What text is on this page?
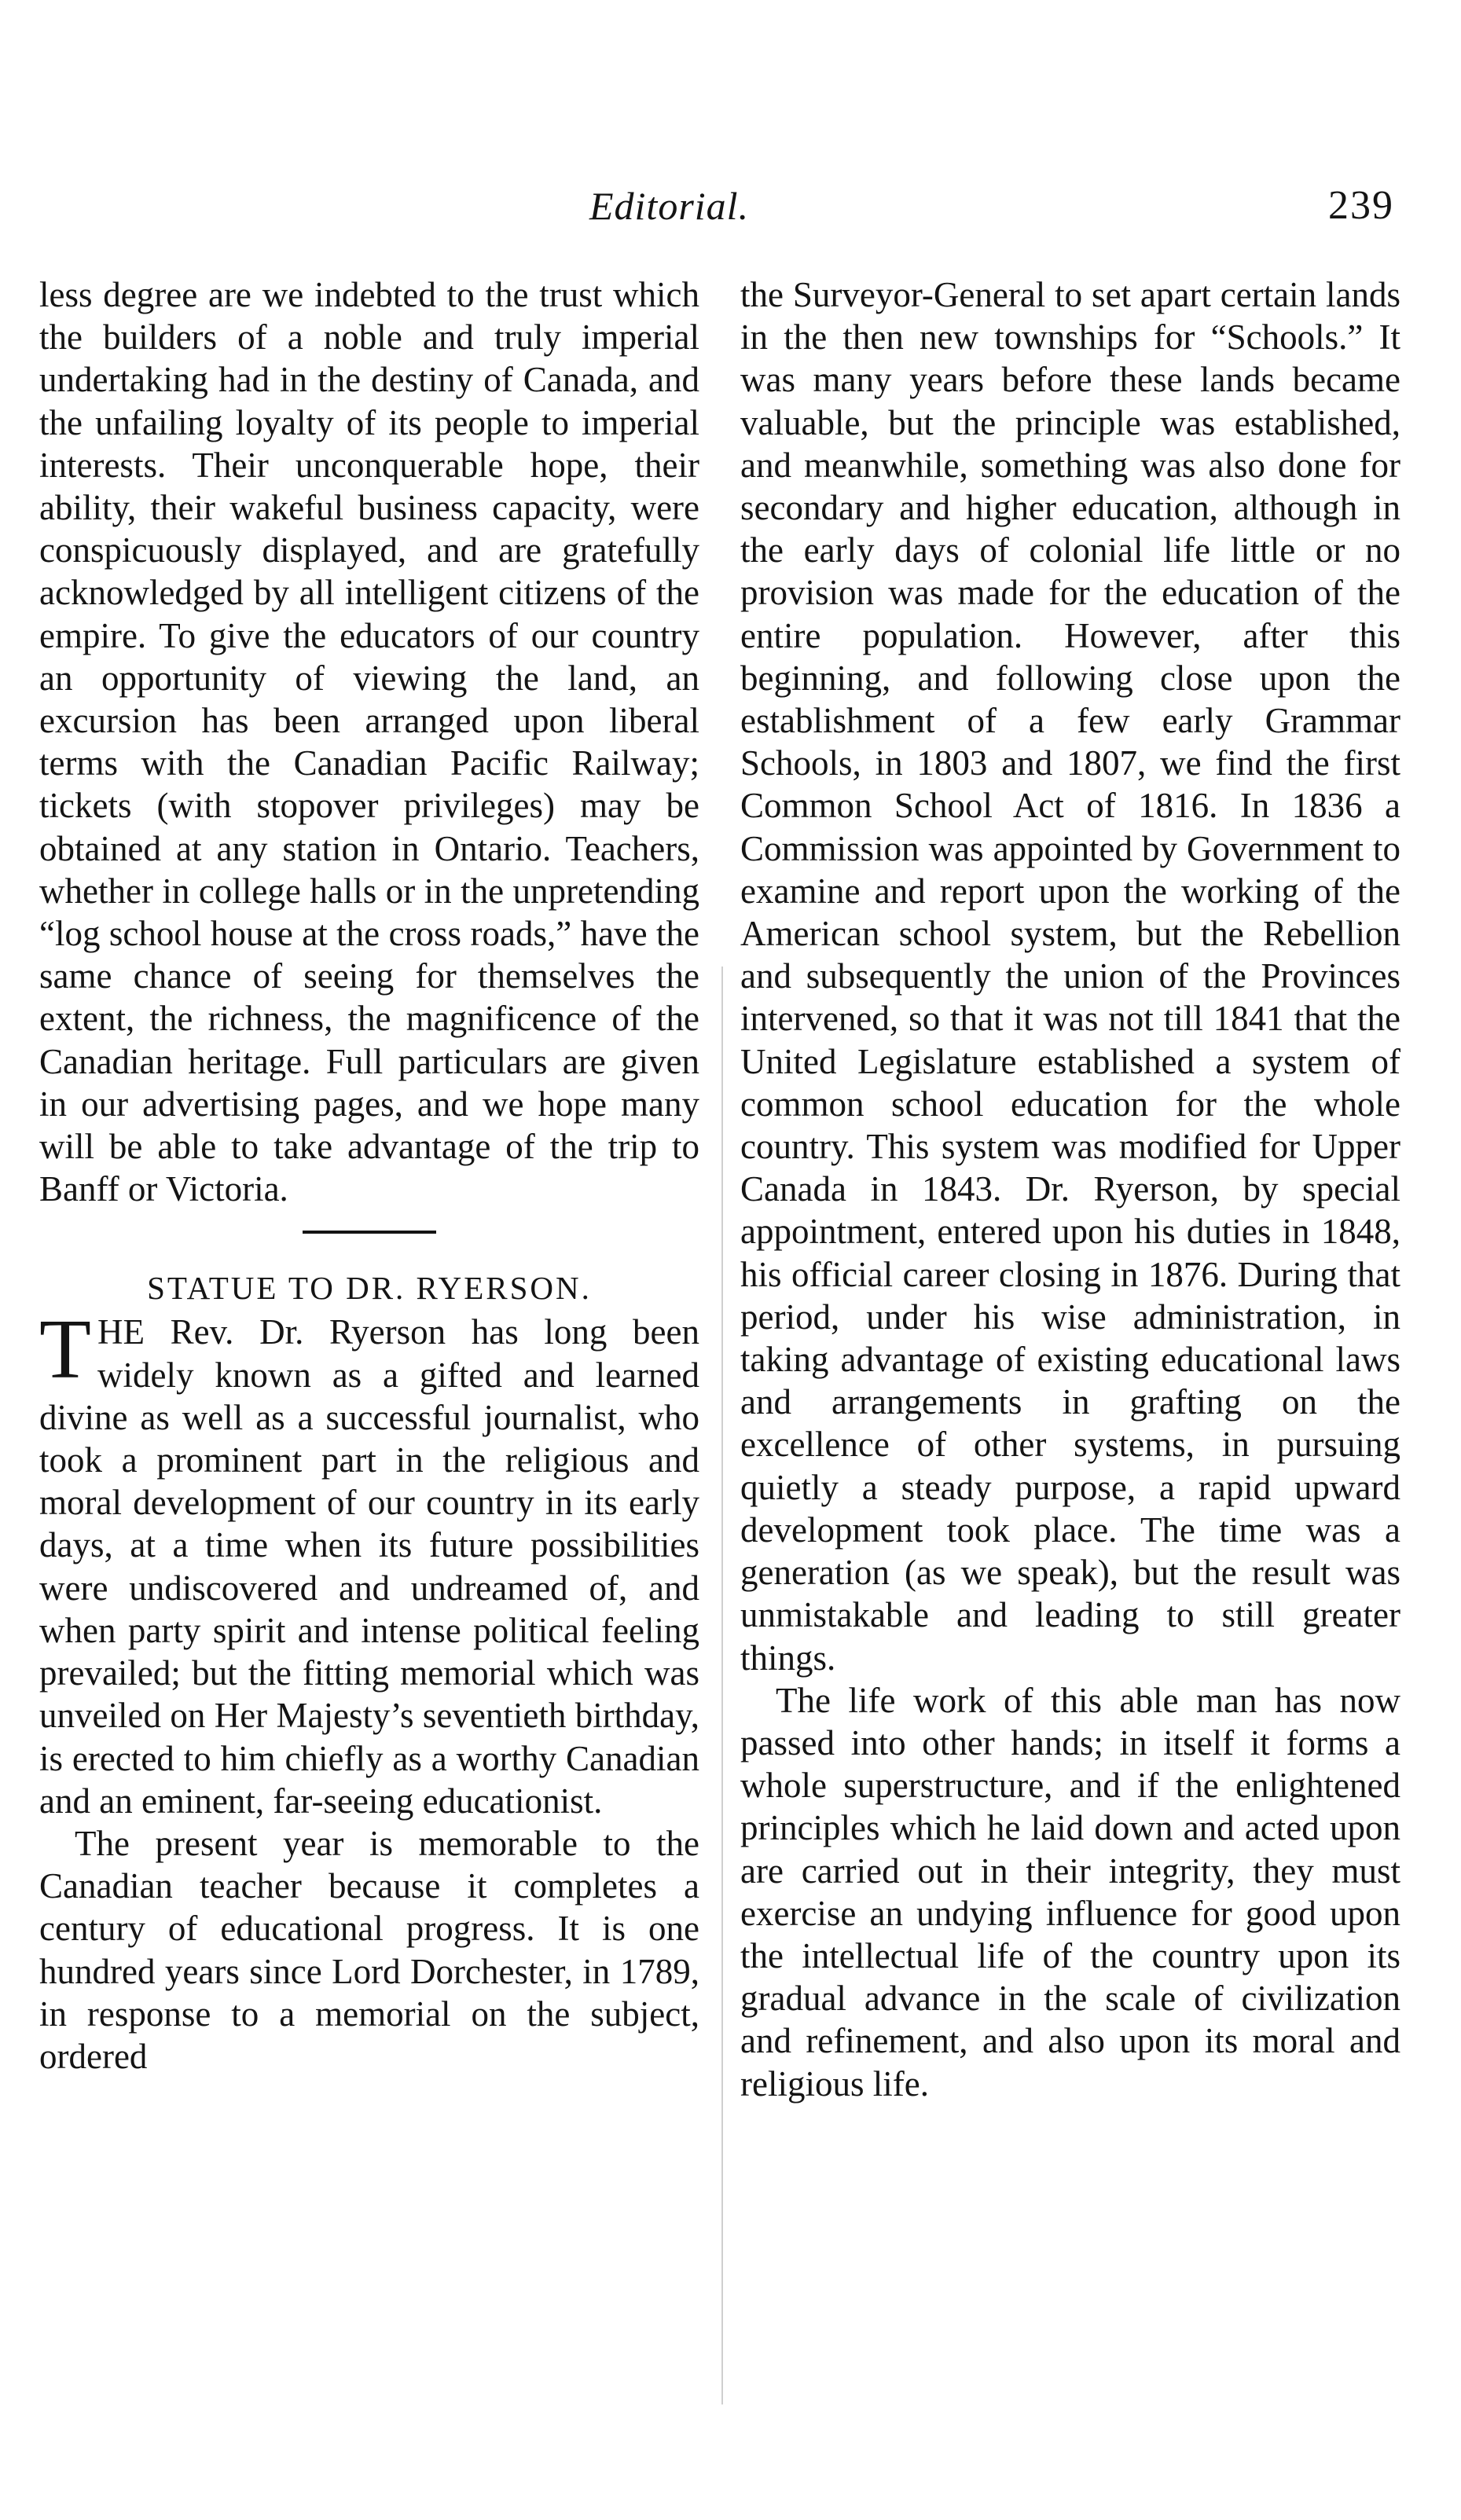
Editorial.	239

less degree are we indebted to the trust which the builders of a noble and truly imperial undertaking had in the destiny of Canada, and the unfailing loyalty of its people to imperial interests. Their unconquerable hope, their ability, their wakeful business capacity, were conspicuously displayed, and are gratefully acknowledged by all intelligent citizens of the empire. To give the educators of our country an opportunity of viewing the land, an excursion has been arranged upon liberal terms with the Canadian Pacific Railway; tickets (with stopover privileges) may be obtained at any station in Ontario. Teachers, whether in college halls or in the unpretending “log school house at the cross roads,” have the same chance of seeing for themselves the extent, the richness, the magnificence of the Canadian heritage. Full particulars are given in our advertising pages, and we hope many will be able to take advantage of the trip to Banff or Victoria.

STATUE TO DR. RYERSON.

THE Rev. Dr. Ryerson has long been widely known as a gifted and learned divine as well as a successful journalist, who took a prominent part in the religious and moral development of our country in its early days, at a time when its future possibilities were undiscovered and undreamed of, and when party spirit and intense political feeling prevailed; but the fitting memorial which was unveiled on Her Majesty’s seventieth birthday, is erected to him chiefly as a worthy Canadian and an eminent, far-seeing educationist.

The present year is memorable to the Canadian teacher because it completes a century of educational progress. It is one hundred years since Lord Dorchester, in 1789, in response to a memorial on the subject, ordered

the Surveyor-General to set apart certain lands in the then new townships for “Schools.” It was many years before these lands became valuable, but the principle was established, and meanwhile, something was also done for secondary and higher education, although in the early days of colonial life little or no provision was made for the education of the entire population. However, after this beginning, and following close upon the establishment of a few early Grammar Schools, in 1803 and 1807, we find the first Common School Act of 1816. In 1836 a Commission was appointed by Government to examine and report upon the working of the American school system, but the Rebellion and subsequently the union of the Provinces intervened, so that it was not till 1841 that the United Legislature established a system of common school education for the whole country. This system was modified for Upper Canada in 1843. Dr. Ryerson, by special appointment, entered upon his duties in 1848, his official career closing in 1876. During that period, under his wise administration, in taking advantage of existing educational laws and arrangements in grafting on the excellence of other systems, in pursuing quietly a steady purpose, a rapid upward development took place. The time was a generation (as we speak), but the result was unmistakable and leading to still greater things.

The life work of this able man has now passed into other hands; in itself it forms a whole superstructure, and if the enlightened principles which he laid down and acted upon are carried out in their integrity, they must exercise an undying influence for good upon the intellectual life of the country upon its gradual advance in the scale of civilization and refinement, and also upon its moral and religious life.
